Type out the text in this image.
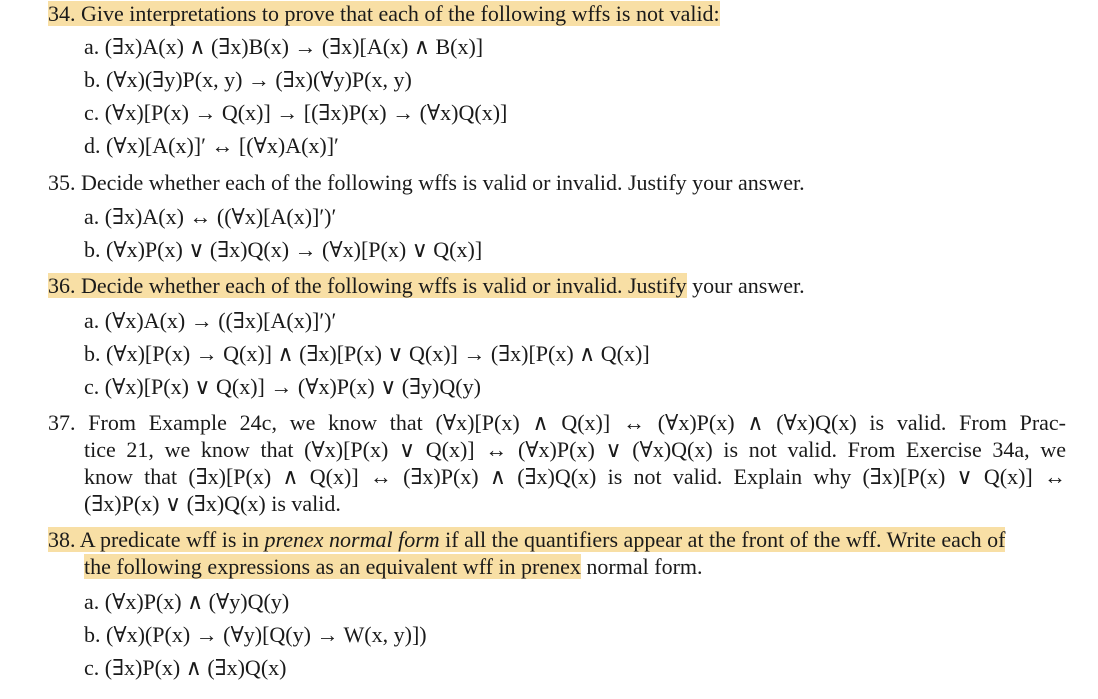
34. Give interpretations to prove that each of the following wffs is not valid:
a. (∃x)A(x) ∧ (∃x)B(x) → (∃x)[A(x) ∧ B(x)]
b. (∀x)(∃y)P(x, y) → (∃x)(∀y)P(x, y)
c. (∀x)[P(x) → Q(x)] → [(∃x)P(x) → (∀x)Q(x)]
d. (∀x)[A(x)]′ ↔ [(∀x)A(x)]′
35. Decide whether each of the following wffs is valid or invalid. Justify your answer.
a. (∃x)A(x) ↔ ((∀x)[A(x)]′)′
b. (∀x)P(x) ∨ (∃x)Q(x) → (∀x)[P(x) ∨ Q(x)]
36. Decide whether each of the following wffs is valid or invalid. Justify your answer.
a. (∀x)A(x) → ((∃x)[A(x)]′)′
b. (∀x)[P(x) → Q(x)] ∧ (∃x)[P(x) ∨ Q(x)] → (∃x)[P(x) ∧ Q(x)]
c. (∀x)[P(x) ∨ Q(x)] → (∀x)P(x) ∨ (∃y)Q(y)
37. From Example 24c, we know that (∀x)[P(x) ∧ Q(x)] ↔ (∀x)P(x) ∧ (∀x)Q(x) is valid. From Prac-
tice 21, we know that (∀x)[P(x) ∨ Q(x)] ↔ (∀x)P(x) ∨ (∀x)Q(x) is not valid. From Exercise 34a, we
know that (∃x)[P(x) ∧ Q(x)] ↔ (∃x)P(x) ∧ (∃x)Q(x) is not valid. Explain why (∃x)[P(x) ∨ Q(x)] ↔
(∃x)P(x) ∨ (∃x)Q(x) is valid.
38. A predicate wff is in prenex normal form if all the quantifiers appear at the front of the wff. Write each of
the following expressions as an equivalent wff in prenex normal form.
a. (∀x)P(x) ∧ (∀y)Q(y)
b. (∀x)(P(x) → (∀y)[Q(y) → W(x, y)])
c. (∃x)P(x) ∧ (∃x)Q(x)
